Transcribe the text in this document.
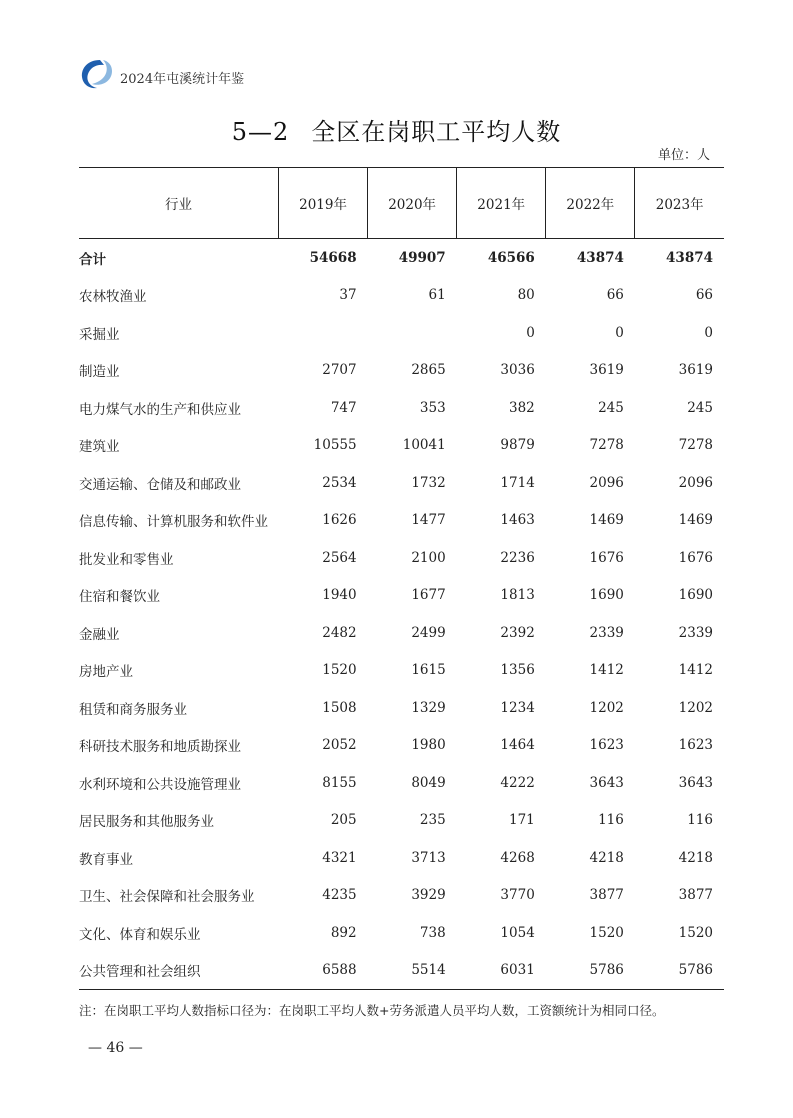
2024年屯溪统计年鉴
5—2 全区在岗职工平均人数
单位：人
行业	2019年	2020年	2021年	2022年	2023年
合计	54668	49907	46566	43874	43874
农林牧渔业	37	61	80	66	66
采掘业			0	0	0
制造业	2707	2865	3036	3619	3619
电力煤气水的生产和供应业	747	353	382	245	245
建筑业	10555	10041	9879	7278	7278
交通运输、仓储及和邮政业	2534	1732	1714	2096	2096
信息传输、计算机服务和软件业	1626	1477	1463	1469	1469
批发业和零售业	2564	2100	2236	1676	1676
住宿和餐饮业	1940	1677	1813	1690	1690
金融业	2482	2499	2392	2339	2339
房地产业	1520	1615	1356	1412	1412
租赁和商务服务业	1508	1329	1234	1202	1202
科研技术服务和地质勘探业	2052	1980	1464	1623	1623
水利环境和公共设施管理业	8155	8049	4222	3643	3643
居民服务和其他服务业	205	235	171	116	116
教育事业	4321	3713	4268	4218	4218
卫生、社会保障和社会服务业	4235	3929	3770	3877	3877
文化、体育和娱乐业	892	738	1054	1520	1520
公共管理和社会组织	6588	5514	6031	5786	5786
注：在岗职工平均人数指标口径为：在岗职工平均人数+劳务派遣人员平均人数，工资额统计为相同口径。
— 46 —
